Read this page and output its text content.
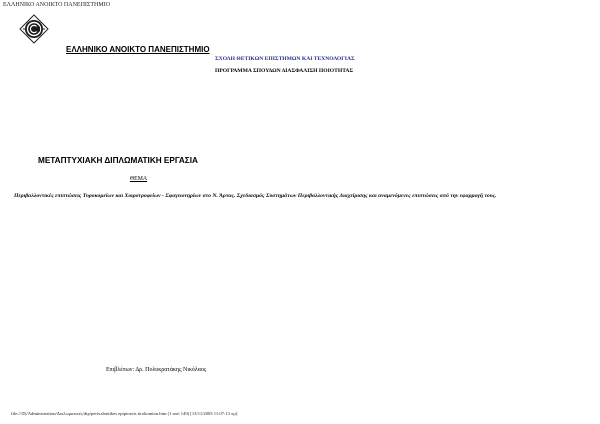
ΕΛΛΗΝΙΚΟ ΑΝΟΙΚΤΟ ΠΑΝΕΠΙΣΤΗΜΙΟ
ΕΛΛΗΝΙΚΟ ΑΝΟΙΚΤΟ ΠΑΝΕΠΙΣΤΗΜΙΟ
ΣΧΟΛΗ ΘΕΤΙΚΩΝ ΕΠΙΣΤΗΜΩΝ ΚΑΙ ΤΕΧΝΟΛΟΓΙΑΣ
ΠΡΟΓΡΑΜΜΑ ΣΠΟΥΔΩΝ ΔΙΑΣΦΑΛΙΣΗ ΠΟΙΟΤΗΤΑΣ
ΜΕΤΑΠΤΥΧΙΑΚΗ ΔΙΠΛΩΜΑΤΙΚΗ ΕΡΓΑΣΙΑ
ΘΕΜΑ
Περιβαλλοντικές επιπτώσεις Τυροκομείων και Χοιροτροφείων - Σφαγειοτηρίων στο Ν. Άρτας. Σχεδιασμός Συστημάτων Περιβαλλοντικής Διαχείρισης και αναμενόμενες επιπτώσεις από την εφαρμογή τους.
Επιβλέπων: Δρ. Πολυκρατάκης Νικόλαος
file:///D|/Administration/Διπλωματικές/dip/perivalontikes epiptoseis tirokomion.htm (1 από 149) [13/11/2003 11:07:13 πμ]
